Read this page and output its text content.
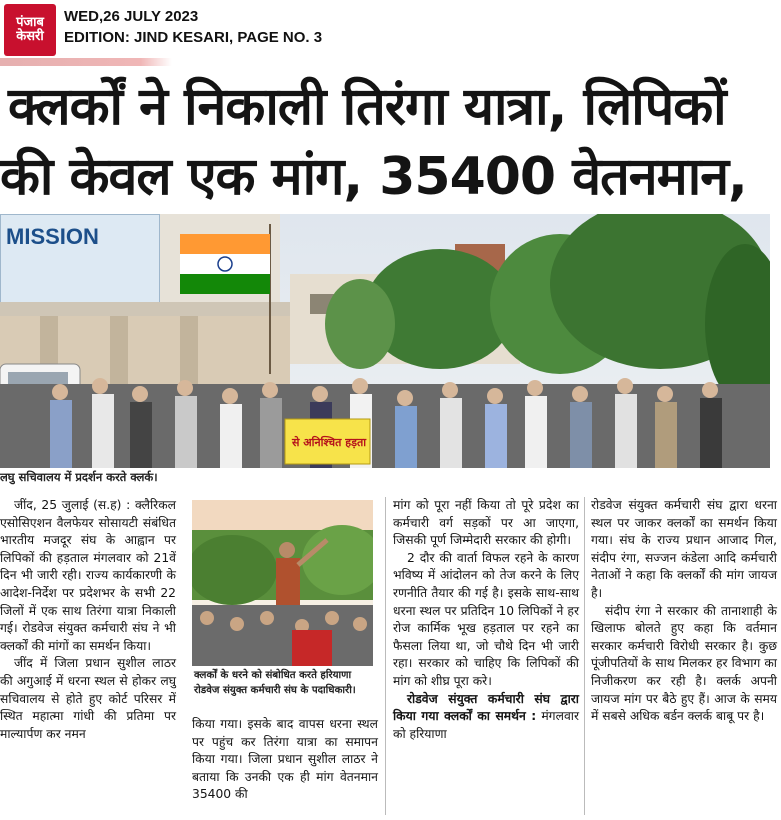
पंजाब
केसरी
WED,26 JULY 2023
EDITION: JIND KESARI, PAGE NO. 3
क्लर्कों ने निकाली तिरंगा यात्रा, लिपिकों
की केवल एक मांग, 35400 वेतनमान,
MISSION
से अनिश्चित हड़ता
लघु सचिवालय में प्रदर्शन करते क्लर्क।

जींद, 25 जुलाई (स.ह) : क्लैरिकल एसोसिएशन वैलफेयर सोसायटी संबंधित भारतीय मजदूर संघ के आह्वान पर लिपिकों की हड़ताल मंगलवार को 21वें दिन भी जारी रही। राज्य कार्यकारणी के आदेश-निर्देश पर प्रदेशभर के सभी 22 जिलों में एक साथ तिरंगा यात्रा निकाली गई। रोडवेज संयुक्त कर्मचारी संघ ने भी क्लर्कों की मांगों का समर्थन किया।

जींद में जिला प्रधान सुशील लाठर की अगुआई में धरना स्थल से होकर लघु सचिवालय से होते हुए कोर्ट परिसर में स्थित महात्मा गांधी की प्रतिमा पर माल्यार्पण कर नमन

क्लर्कों के धरने को संबोधित करते हरियाणा रोडवेज संयुक्त कर्मचारी संघ के पदाधिकारी।

किया गया। इसके बाद वापस धरना स्थल पर पहुंच कर तिरंगा यात्रा का समापन किया गया। जिला प्रधान सुशील लाठर ने बताया कि उनकी एक ही मांग वेतनमान 35400 की

मांग को पूरा नहीं किया तो पूरे प्रदेश का कर्मचारी वर्ग सड़कों पर आ जाएगा, जिसकी पूर्ण जिम्मेदारी सरकार की होगी।

2 दौर की वार्ता विफल रहने के कारण भविष्य में आंदोलन को तेज करने के लिए रणनीति तैयार की गई है। इसके साथ-साथ धरना स्थल पर प्रतिदिन 10 लिपिकों ने हर रोज कार्मिक भूख हड़ताल पर रहने का फैसला लिया था, जो चौथे दिन भी जारी रहा। सरकार को चाहिए कि लिपिकों की मांग को शीघ्र पूरा करे।

रोडवेज संयुक्त कर्मचारी संघ द्वारा किया गया क्लर्कों का समर्थन : मंगलवार को हरियाणा

रोडवेज संयुक्त कर्मचारी संघ द्वारा धरना स्थल पर जाकर क्लर्कों का समर्थन किया गया। संघ के राज्य प्रधान आजाद गिल, संदीप रंगा, सज्जन कंडेला आदि कर्मचारी नेताओं ने कहा कि क्लर्कों की मांग जायज है।

संदीप रंगा ने सरकार की तानाशाही के खिलाफ बोलते हुए कहा कि वर्तमान सरकार कर्मचारी विरोधी सरकार है। कुछ पूंजीपतियों के साथ मिलकर हर विभाग का निजीकरण कर रही है। क्लर्क अपनी जायज मांग पर बैठे हुए हैं। आज के समय में सबसे अधिक बर्डन क्लर्क बाबू पर है।
